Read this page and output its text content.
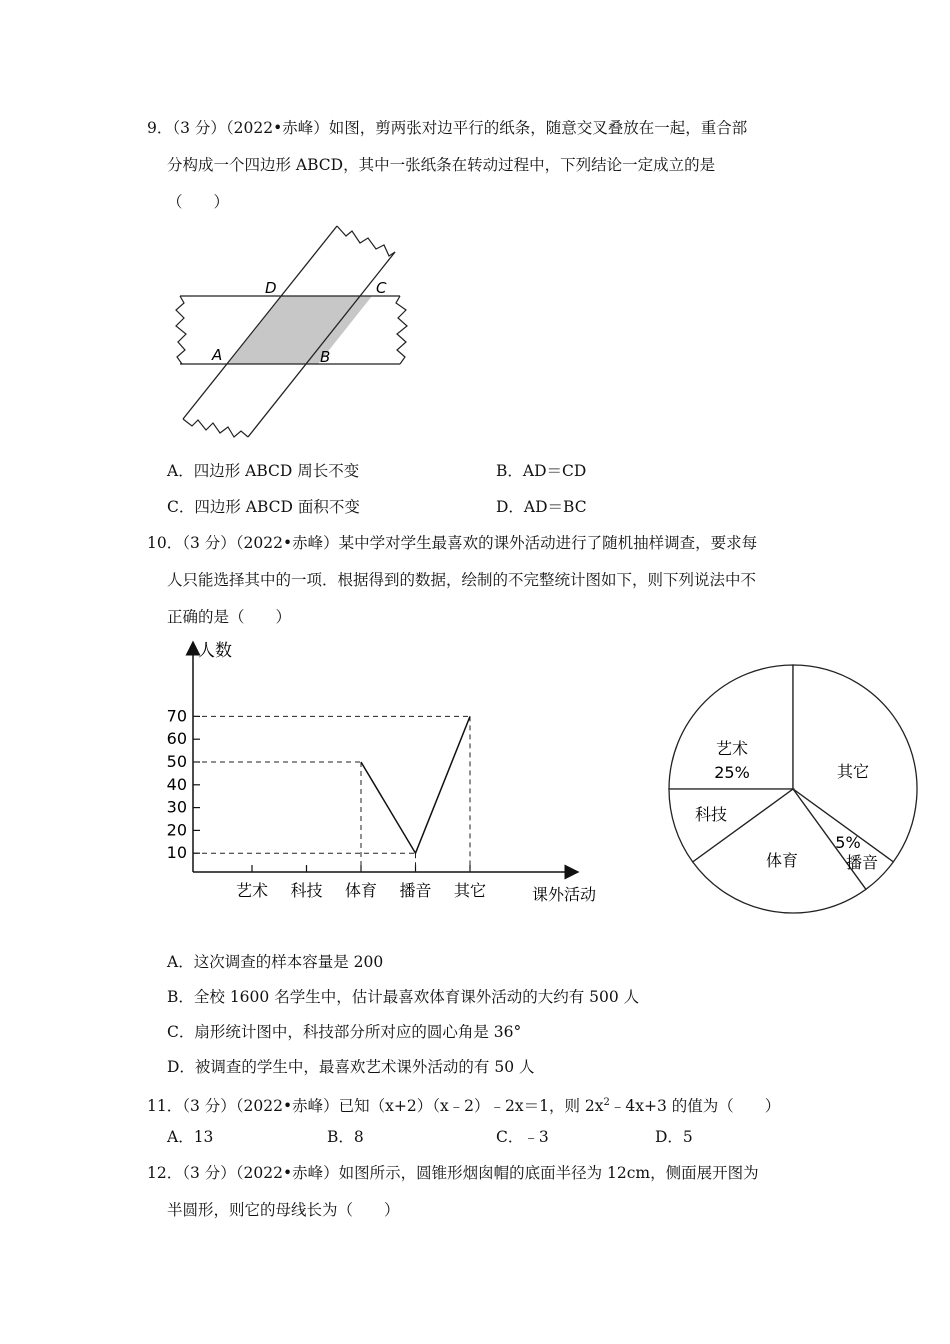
9．（3 分）（2022•赤峰）如图，剪两张对边平行的纸条，随意交叉叠放在一起，重合部
分构成一个四边形 ABCD，其中一张纸条在转动过程中，下列结论一定成立的是
（　　）
D	C
A	B
A．四边形 ABCD 周长不变	B．AD＝CD
C．四边形 ABCD 面积不变	D．AD＝BC
10．（3 分）（2022•赤峰）某中学对学生最喜欢的课外活动进行了随机抽样调查，要求每
人只能选择其中的一项．根据得到的数据，绘制的不完整统计图如下，则下列说法中不
正确的是（　　）
人数
课外活动
10
20
30
40
50
60
70
艺术 科技 体育 播音 其它
艺术
25%	其它
播音
5%
体育
科技
A．这次调查的样本容量是 200
B．全校 1600 名学生中，估计最喜欢体育课外活动的大约有 500 人
C．扇形统计图中，科技部分所对应的圆心角是 36°
D．被调查的学生中，最喜欢艺术课外活动的有 50 人
11．（3 分）（2022•赤峰）已知（x+2）（x﹣2）﹣2x＝1，则 $2x^2﹣4x+3$ 的值为（　　）
A．13	B．8	C．﹣3	D．5
12．（3 分）（2022•赤峰）如图所示，圆锥形烟囱帽的底面半径为 12cm，侧面展开图为
半圆形，则它的母线长为（　　）
